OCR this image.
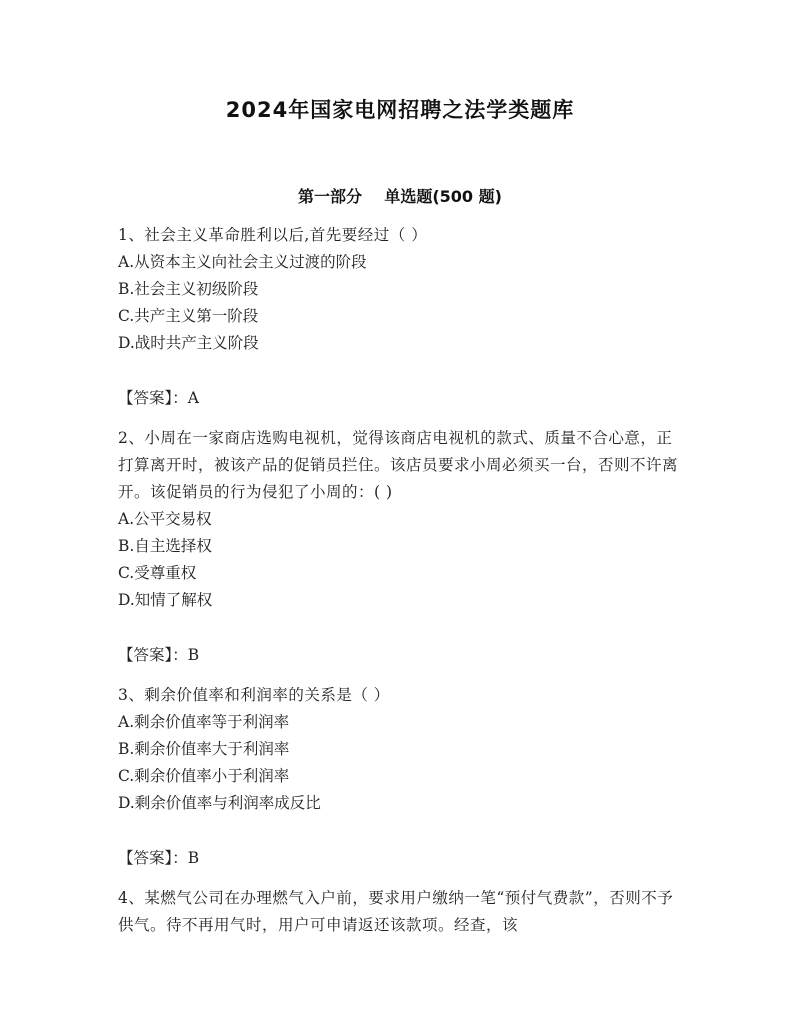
2024年国家电网招聘之法学类题库
第一部分    单选题(500 题)
1、社会主义革命胜利以后,首先要经过（ ）
A.从资本主义向社会主义过渡的阶段
B.社会主义初级阶段
C.共产主义第一阶段
D.战时共产主义阶段
【答案】：A
2、小周在一家商店选购电视机，觉得该商店电视机的款式、质量不合心意，正打算离开时，被该产品的促销员拦住。该店员要求小周必须买一台，否则不许离开。该促销员的行为侵犯了小周的：( )
A.公平交易权
B.自主选择权
C.受尊重权
D.知情了解权
【答案】：B
3、剩余价值率和利润率的关系是（ ）
A.剩余价值率等于利润率
B.剩余价值率大于利润率
C.剩余价值率小于利润率
D.剩余价值率与利润率成反比
【答案】：B
4、某燃气公司在办理燃气入户前，要求用户缴纳一笔“预付气费款”，否则不予供气。待不再用气时，用户可申请返还该款项。经查，该
